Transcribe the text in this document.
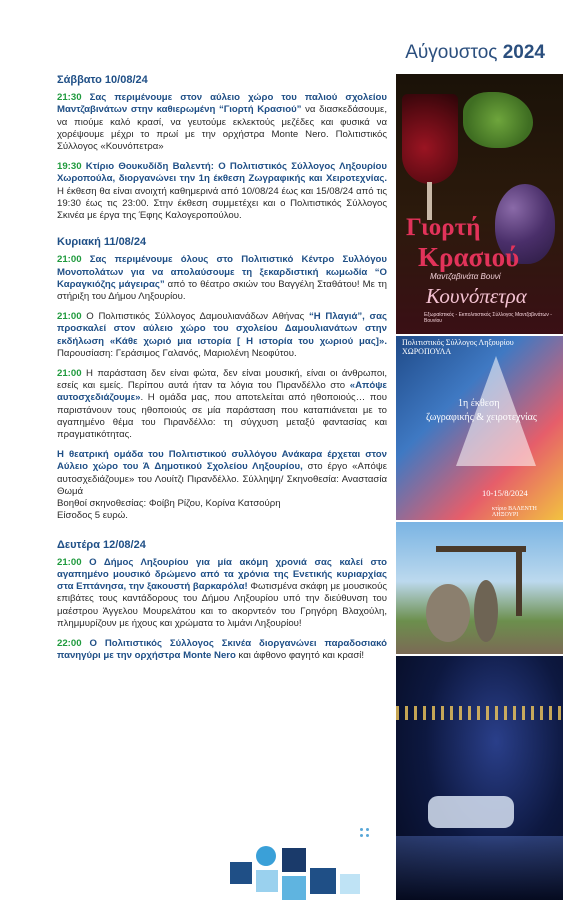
Αύγουστος 2024
Σάββατο 10/08/24
21:30 Σας περιμένουμε στον αύλειο χώρο του παλιού σχολείου Μαντζαβινάτων στην καθιερωμένη “Γιορτή Κρασιού” να διασκεδάσουμε, να πιούμε καλό κρασί, να γευτούμε εκλεκτούς μεζέδες και φυσικά να χορέψουμε μέχρι το πρωί με την ορχήστρα Monte Nero. Πολιτιστικός Σύλλογος «Κουνόπετρα»
19:30 Κτίριο Θουκυδίδη Βαλεντή: Ο Πολιτιστικός Σύλλογος Ληξουρίου Χωροπούλα, διοργανώνει την 1η έκθεση Ζωγραφικής και Χειροτεχνίας. Η έκθεση θα είναι ανοιχτή καθημερινά από 10/08/24 έως και 15/08/24 από τις 19:30 έως τις 23:00. Στην έκθεση συμμετέχει και ο Πολιτιστικός Σύλλογος Σκινέα με έργα της Έφης Καλογεροπούλου.
Κυριακή 11/08/24
21:00 Σας περιμένουμε όλους στο Πολιτιστικό Κέντρο Συλλόγου Μονοπολάτων για να απολαύσουμε τη ξεκαρδιστική κωμωδία “Ο Καραγκιόζης μάγειρας” από το θέατρο σκιών του Βαγγέλη Σταθάτου! Με τη στήριξη του Δήμου Ληξουρίου.
21:00 Ο Πολιτιστικός Σύλλογος Δαμουλιανάδων Αθήνας “Η Πλαγιά”, σας προσκαλεί στον αύλειο χώρο του σχολείου Δαμουλιανάτων στην εκδήλωση «Κάθε χωριό μια ιστορία [ Η ιστορία του χωριού μας]». Παρουσίαση: Γεράσιμος Γαλανός, Μαριολένη Νεοφύτου.
21:00 Η παράσταση δεν είναι φώτα, δεν είναι μουσική, είναι οι άνθρωποι, εσείς και εμείς. Περίπου αυτά ήταν τα λόγια του Πιρανδέλλο στο «Απόψε αυτοσχεδιάζουμε». Η ομάδα μας, που αποτελείται από ηθοποιούς… που παριστάνουν τους ηθοποιούς σε μία παράσταση που καταπιάνεται με το αγαπημένο θέμα του Πιρανδέλλο: τη σύγχυση μεταξύ φαντασίας και πραγματικότητας.
Η θεατρική ομάδα του Πολιτιστικού συλλόγου Ανάκαρα έρχεται στον Αύλειο χώρο του Ά Δημοτικού Σχολείου Ληξουρίου, στο έργο «Απόψε αυτοσχεδιάζουμε» του Λουίτζι Πιρανδέλλο. Σύλληψη/ Σκηνοθεσία: Αναστασία Θωμά
Βοηθοί σκηνοθεσίας: Φοίβη Ρίζου, Κορίνα Κατσούρη
Είσοδος 5 ευρώ.
Δευτέρα 12/08/24
21:00 Ο Δήμος Ληξουρίου για μία ακόμη χρονιά σας καλεί στο αγαπημένο μουσικό δρώμενο από τα χρόνια της Ενετικής κυριαρχίας στα Επτάνησα, την ξακουστή βαρκαρόλα! Φωτισμένα σκάφη με μουσικούς επιβάτες τους καντάδορους του Δήμου Ληξουρίου υπό την διεύθυνση του μαέστρου Άγγελου Μουρελάτου και το ακορντεόν του Γρηγόρη Βλαχούλη, πλημμυρίζουν με ήχους και χρώματα το λιμάνι Ληξουρίου!
22:00 Ο Πολιτιστικός Σύλλογος Σκινέα διοργανώνει παραδοσιακό πανηγύρι με την ορχήστρα Monte Nero και άφθονο φαγητό και κρασί!
Γιορτή
Κρασιού
Μαντζαβινάτα Βουνί
Κουνόπετρα
Εξωραϊστικός - Εκπολιτιστικός Σύλλογος Μαντζαβινάτων - Βουνίου
Πολιτιστικός Σύλλογος Ληξουρίου ΧΩΡΟΠΟΥΛΑ
1η έκθεση
ζωγραφικής & χειροτεχνίας
10-15/8/2024
κτίριο ΒΑΛΕΝΤΗ ΛΗΞΟΥΡΙ
